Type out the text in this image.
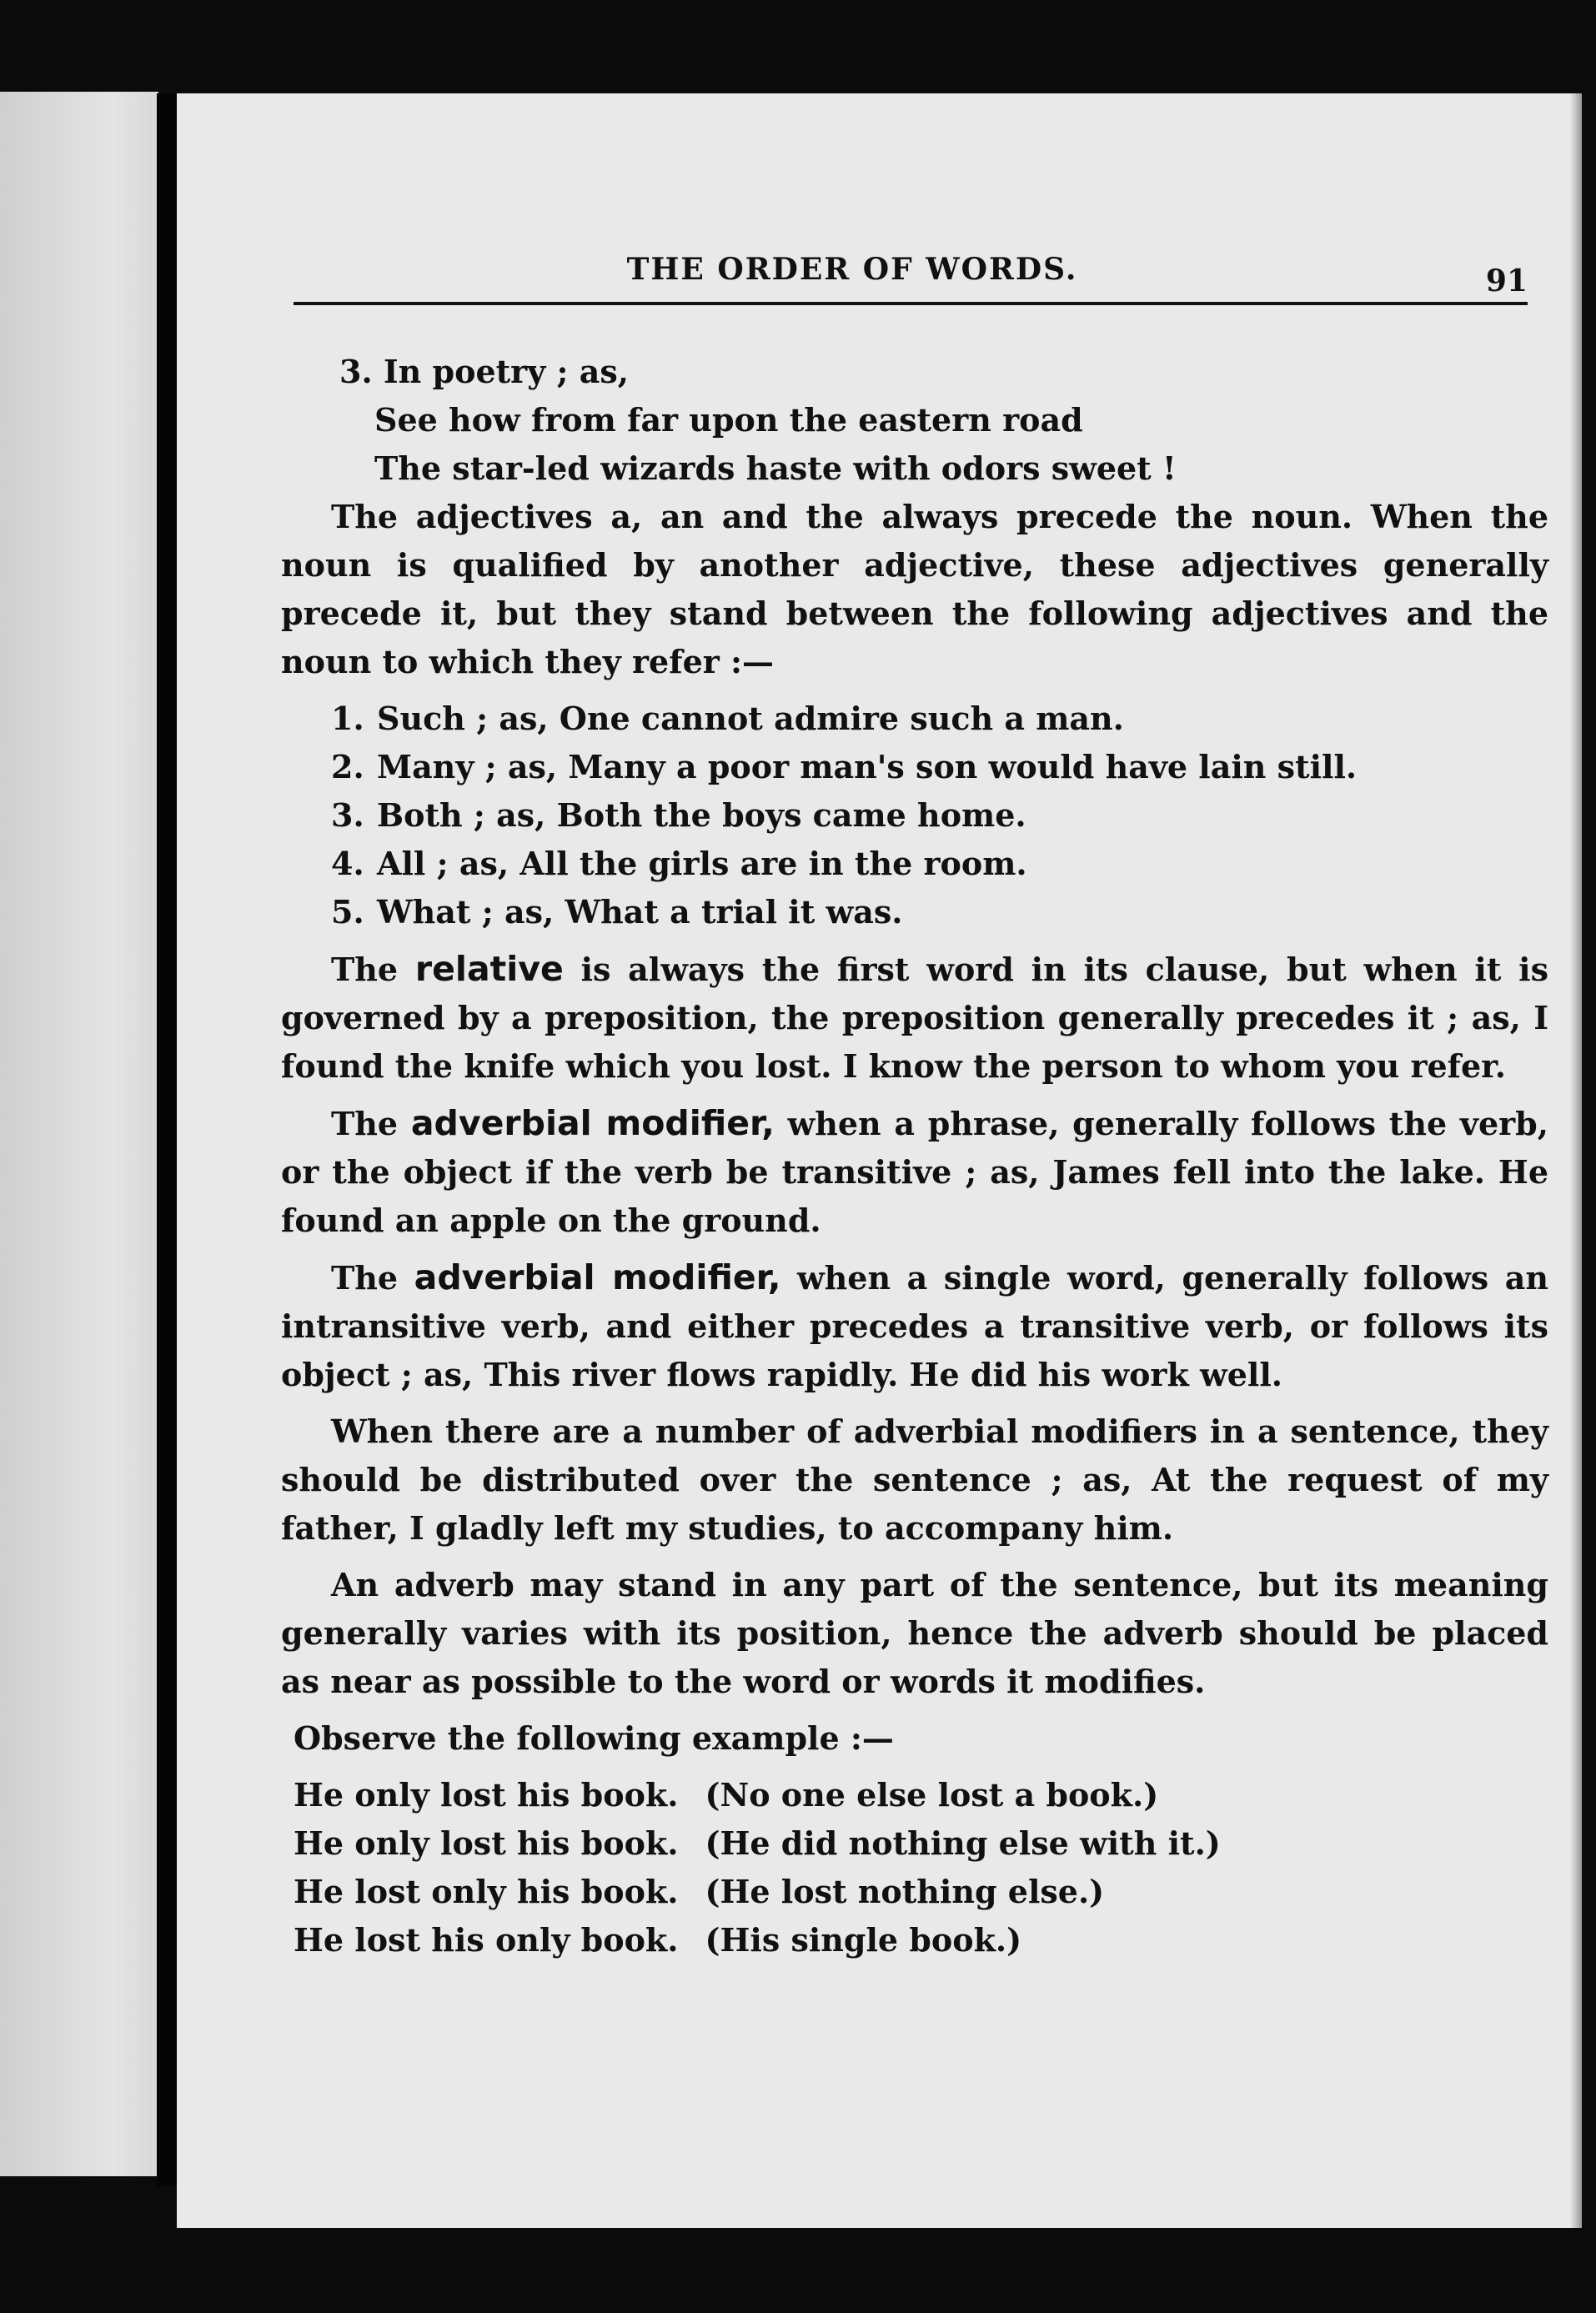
THE ORDER OF WORDS.	91
3. In poetry ; as,
See how from far upon the eastern road
The star-led wizards haste with odors sweet !

The adjectives a, an and the always precede the noun. When the noun is qualified by another adjective, these adjectives generally precede it, but they stand between the following adjectives and the noun to which they refer :—

1. Such ; as, One cannot admire such a man.
2. Many ; as, Many a poor man's son would have lain still.
3. Both ; as, Both the boys came home.
4. All ; as, All the girls are in the room.
5. What ; as, What a trial it was.

The relative is always the first word in its clause, but when it is governed by a preposition, the preposition generally precedes it ; as, I found the knife which you lost. I know the person to whom you refer.

The adverbial modifier, when a phrase, generally follows the verb, or the object if the verb be transitive ; as, James fell into the lake. He found an apple on the ground.

The adverbial modifier, when a single word, generally follows an intransitive verb, and either precedes a transitive verb, or follows its object ; as, This river flows rapidly. He did his work well.

When there are a number of adverbial modifiers in a sentence, they should be distributed over the sentence ; as, At the request of my father, I gladly left my studies, to accompany him.

An adverb may stand in any part of the sentence, but its meaning generally varies with its position, hence the adverb should be placed as near as possible to the word or words it modifies.

Observe the following example :—

He only lost his book.	(No one else lost a book.)
He only lost his book.	(He did nothing else with it.)
He lost only his book.	(He lost nothing else.)
He lost his only book.	(His single book.)
